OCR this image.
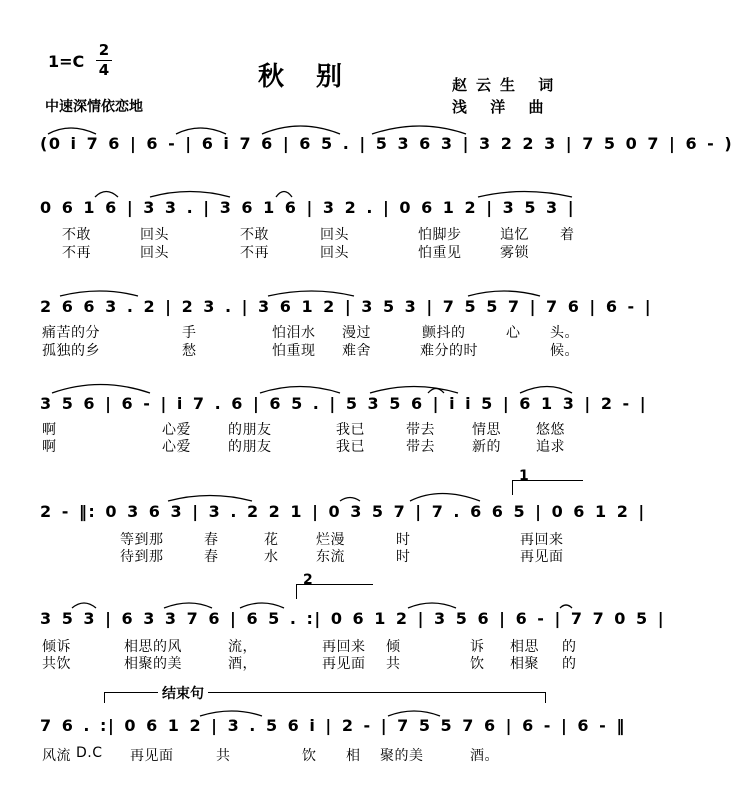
1=C
2
4	秋别	赵云生 词
浅 洋 曲
中速深情依恋地
(0 i 7 6 | 6 - | 6 i 7 6 | 6 5 . | 5 3 6 3 | 3 2 2 3 | 7 5 0 7 | 6 - )
0 6 1 6 | 3 3 . | 3 6 1 6 | 3 2 . | 0 6 1 2 | 3 5 3 |
2 6 6 3 . 2 | 2 3 . | 3 6 1 2 | 3 5 3 | 7 5 5 7 | 7 6 | 6 - |
3 5 6 | 6 - | i 7 . 6 | 6 5 . | 5 3 5 6 | i i 5 | 6 1 3 | 2 - |
2 - ‖: 0 3 6 3 | 3 . 2 2 1 | 0 3 5 7 | 7 . 6 6 5 | 0 6 1 2 |
3 5 3 | 6 3 3 7 6 | 6 5 . :| 0 6 1 2 | 3 5 6 | 6 - | 7 7 0 5 |
7 6 . :| 0 6 1 2 | 3 . 5 6 i | 2 - | 7 5 5 7 6 | 6 - | 6 - ‖
不敢	回头	不敢	回头	怕脚步	追忆 着
不再	回头	不再	回头	怕重见	雾锁
痛苦的分	手	怕泪水 漫过	颤抖的	心 头。
孤独的乡	愁	怕重现 难舍	难分的时	候。
啊	心爱	的朋友	我已	带去	情思	悠悠
啊	心爱	的朋友	我已	带去	新的	追求
等到那	春	花	烂漫	时	再回来
待到那	春	水	东流	时	再见面
倾诉	相思的风	流，	再回来 倾	诉 相思 的
共饮	相聚的美	酒，	再见面 共	饮 相聚 的
风流 D.C 再见面	共	饮 相 聚的美	酒。
1
2
结束句
